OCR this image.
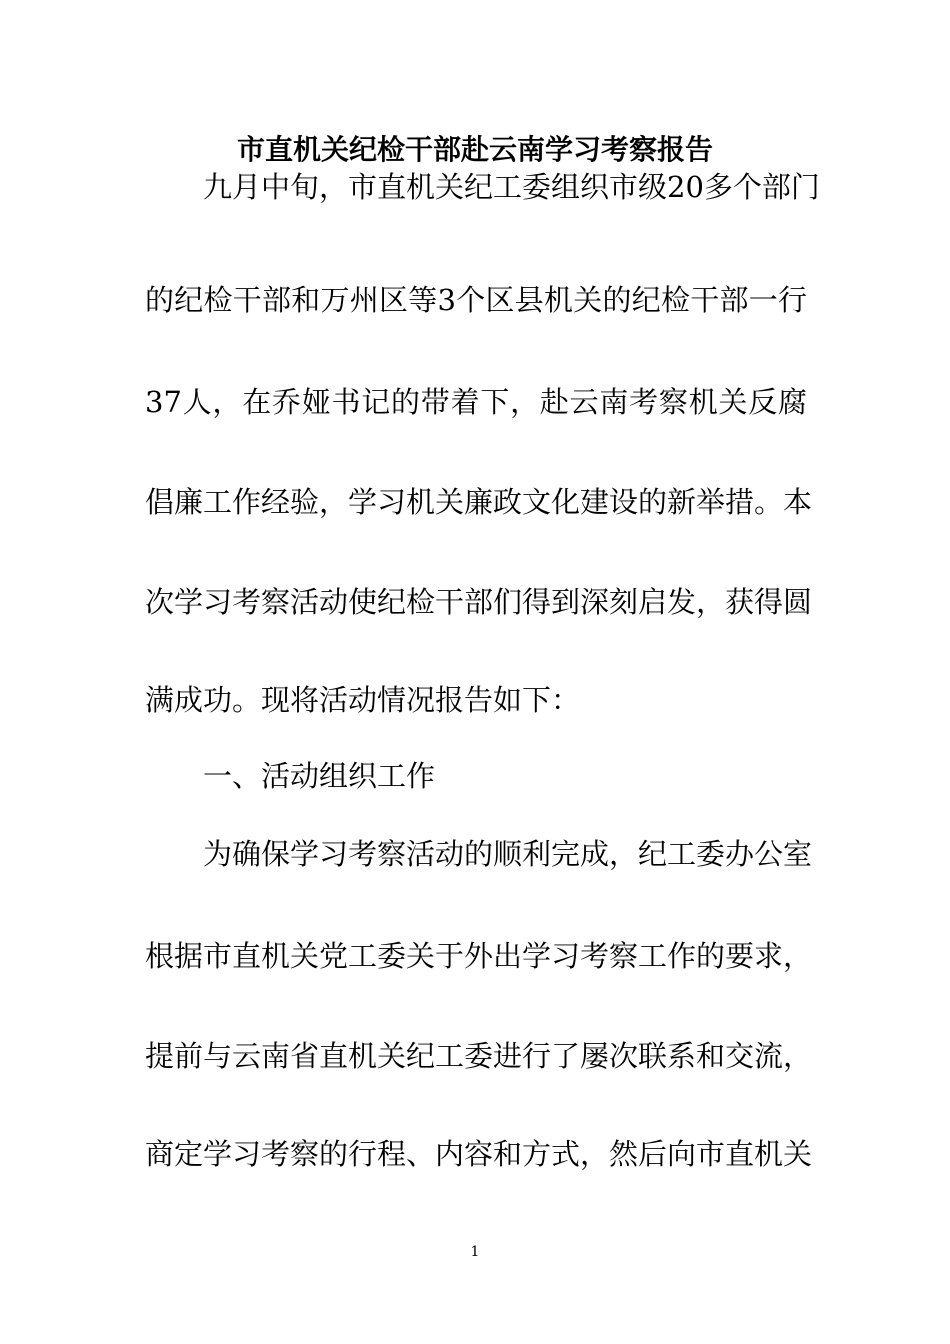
市直机关纪检干部赴云南学习考察报告
　九月中旬，市直机关纪工委组织市级20多个部门
的纪检干部和万州区等3个区县机关的纪检干部一行
37人，在乔娅书记的带着下，赴云南考察机关反腐
倡廉工作经验，学习机关廉政文化建设的新举措。本
次学习考察活动使纪检干部们得到深刻启发，获得圆
满成功。现将活动情况报告如下：
　一、活动组织工作
　为确保学习考察活动的顺利完成，纪工委办公室
根据市直机关党工委关于外出学习考察工作的要求，
提前与云南省直机关纪工委进行了屡次联系和交流，
商定学习考察的行程、内容和方式，然后向市直机关
1
